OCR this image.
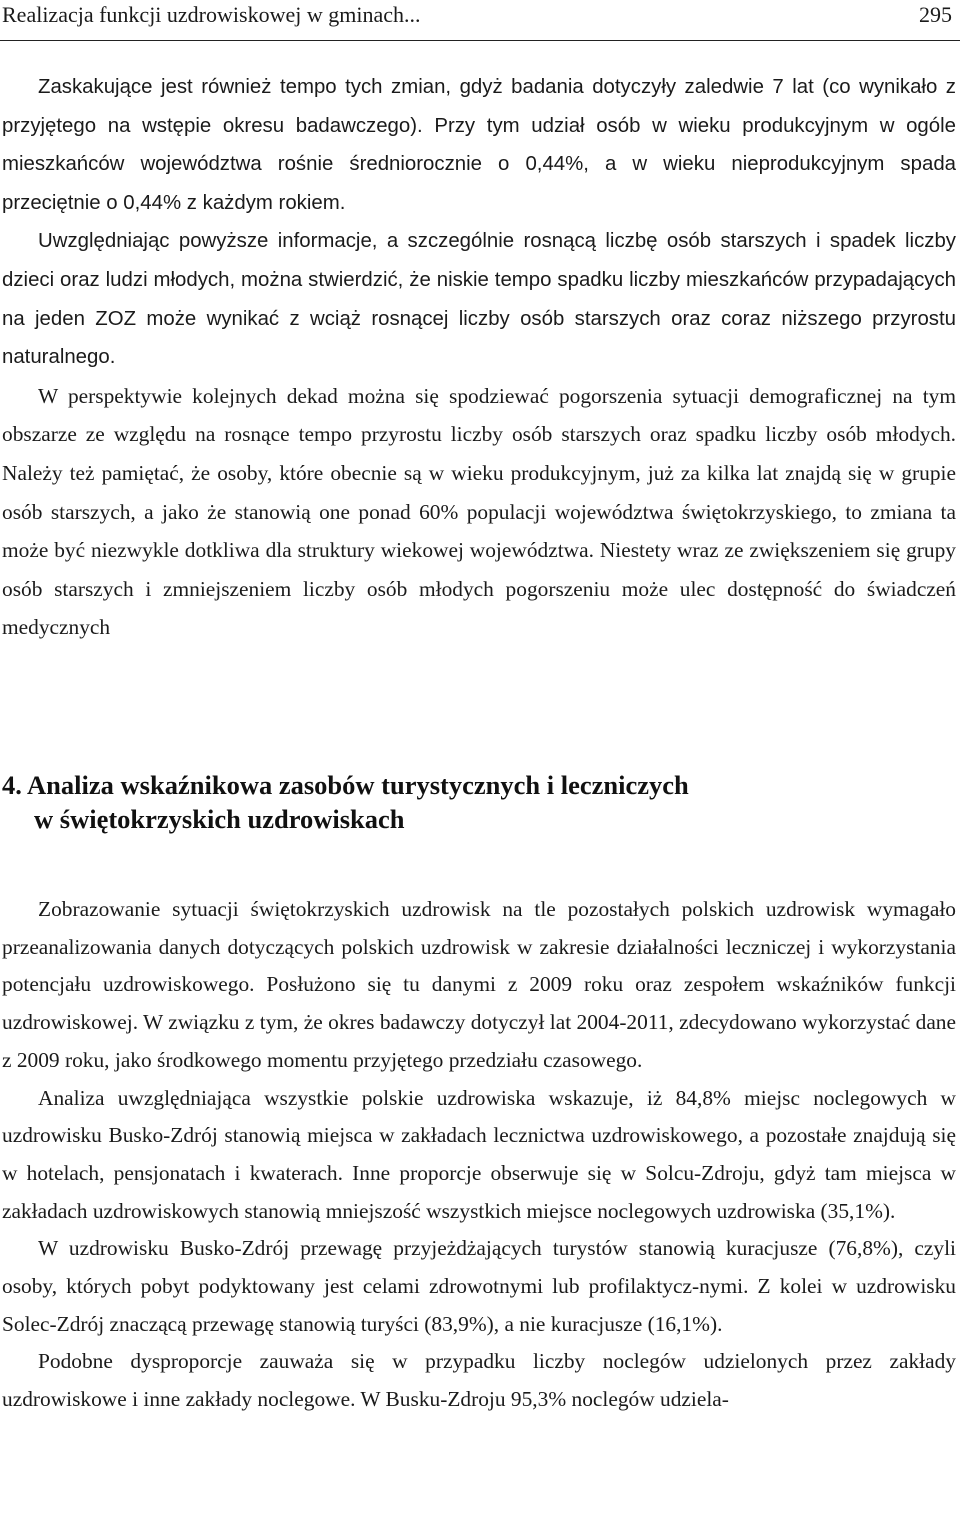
Realizacja funkcji uzdrowiskowej w gminach...	295

Zaskakujące jest również tempo tych zmian, gdyż badania dotyczyły zaledwie 7 lat (co wynikało z przyjętego na wstępie okresu badawczego). Przy tym udział osób w wieku produkcyjnym w ogóle mieszkańców województwa rośnie średniorocznie o 0,44%, a w wieku nieprodukcyjnym spada przeciętnie o 0,44% z każdym rokiem.

Uwzględniając powyższe informacje, a szczególnie rosnącą liczbę osób starszych i spadek liczby dzieci oraz ludzi młodych, można stwierdzić, że niskie tempo spadku liczby mieszkańców przypadających na jeden ZOZ może wynikać z wciąż rosnącej liczby osób starszych oraz coraz niższego przyrostu naturalnego.

W perspektywie kolejnych dekad można się spodziewać pogorszenia sytuacji demograficznej na tym obszarze ze względu na rosnące tempo przyrostu liczby osób starszych oraz spadku liczby osób młodych. Należy też pamiętać, że osoby, które obecnie są w wieku produkcyjnym, już za kilka lat znajdą się w grupie osób starszych, a jako że stanowią one ponad 60% populacji województwa świętokrzyskiego, to zmiana ta może być niezwykle dotkliwa dla struktury wiekowej województwa. Niestety wraz ze zwiększeniem się grupy osób starszych i zmniejszeniem liczby osób młodych pogorszeniu może ulec dostępność do świadczeń medycznych

4. Analiza wskaźnikowa zasobów turystycznych i leczniczych
w świętokrzyskich uzdrowiskach

Zobrazowanie sytuacji świętokrzyskich uzdrowisk na tle pozostałych polskich uzdrowisk wymagało przeanalizowania danych dotyczących polskich uzdrowisk w zakresie działalności leczniczej i wykorzystania potencjału uzdrowiskowego. Posłużono się tu danymi z 2009 roku oraz zespołem wskaźników funkcji uzdrowiskowej. W związku z tym, że okres badawczy dotyczył lat 2004-2011, zdecydowano wykorzystać dane z 2009 roku, jako środkowego momentu przyjętego przedziału czasowego.

Analiza uwzględniająca wszystkie polskie uzdrowiska wskazuje, iż 84,8% miejsc noclegowych w uzdrowisku Busko-Zdrój stanowią miejsca w zakładach lecznictwa uzdrowiskowego, a pozostałe znajdują się w hotelach, pensjonatach i kwaterach. Inne proporcje obserwuje się w Solcu-Zdroju, gdyż tam miejsca w zakładach uzdrowiskowych stanowią mniejszość wszystkich miejsce noclegowych uzdrowiska (35,1%).

W uzdrowisku Busko-Zdrój przewagę przyjeżdżających turystów stanowią kuracjusze (76,8%), czyli osoby, których pobyt podyktowany jest celami zdrowotnymi lub profilaktycz-nymi. Z kolei w uzdrowisku Solec-Zdrój znaczącą przewagę stanowią turyści (83,9%), a nie kuracjusze (16,1%).

Podobne dysproporcje zauważa się w przypadku liczby noclegów udzielonych przez zakłady uzdrowiskowe i inne zakłady noclegowe. W Busku-Zdroju 95,3% noclegów udziela-
